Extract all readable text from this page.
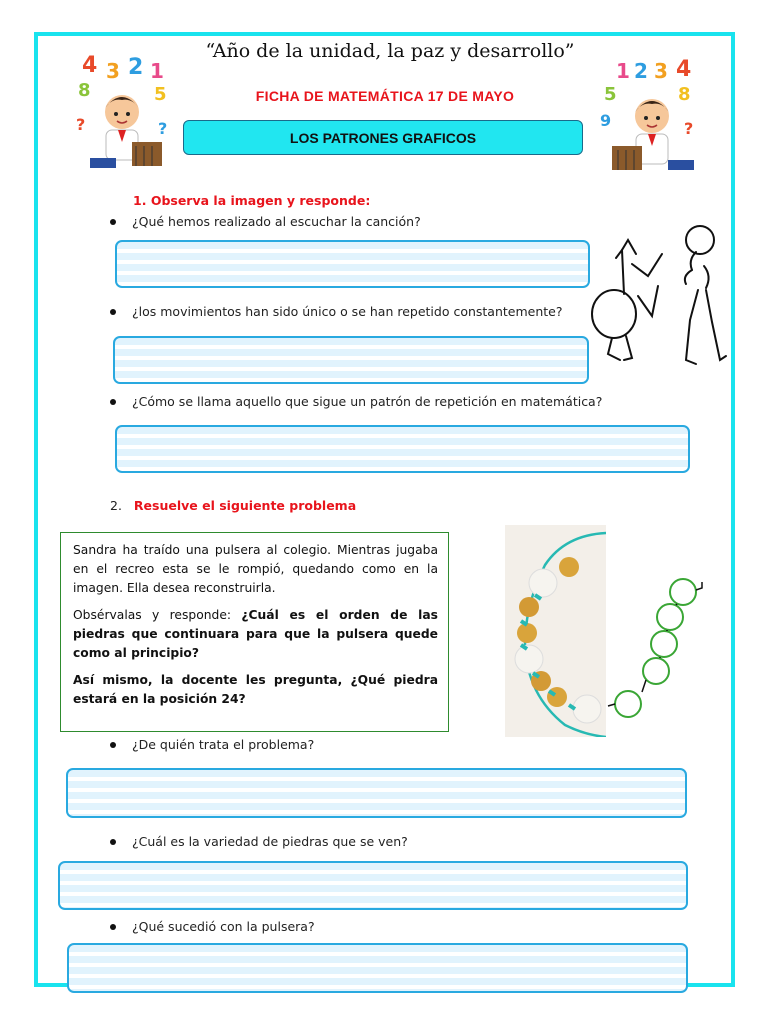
4 3 2 1
8	5
?	?
1 2 3 4
5	8
9	?
“Año de la unidad, la paz y desarrollo”
FICHA DE MATEMÁTICA 17 DE MAYO
LOS PATRONES GRAFICOS
1. Observa la imagen y responde:
¿Qué hemos realizado al escuchar la canción?
¿los movimientos han sido único o se han repetido constantemente?
¿Cómo se llama aquello que sigue un patrón de repetición en matemática?
2. Resuelve el siguiente problema

Sandra ha traído una pulsera al colegio. Mientras jugaba en el recreo esta se le rompió, quedando como en la imagen. Ella desea reconstruirla.

Obsérvalas y responde: ¿Cuál es el orden de las piedras que continuara para que la pulsera quede como al principio?

Así mismo, la docente les pregunta, ¿Qué piedra estará en la posición 24?

¿De quién trata el problema?
¿Cuál es la variedad de piedras que se ven?
¿Qué sucedió con la pulsera?
